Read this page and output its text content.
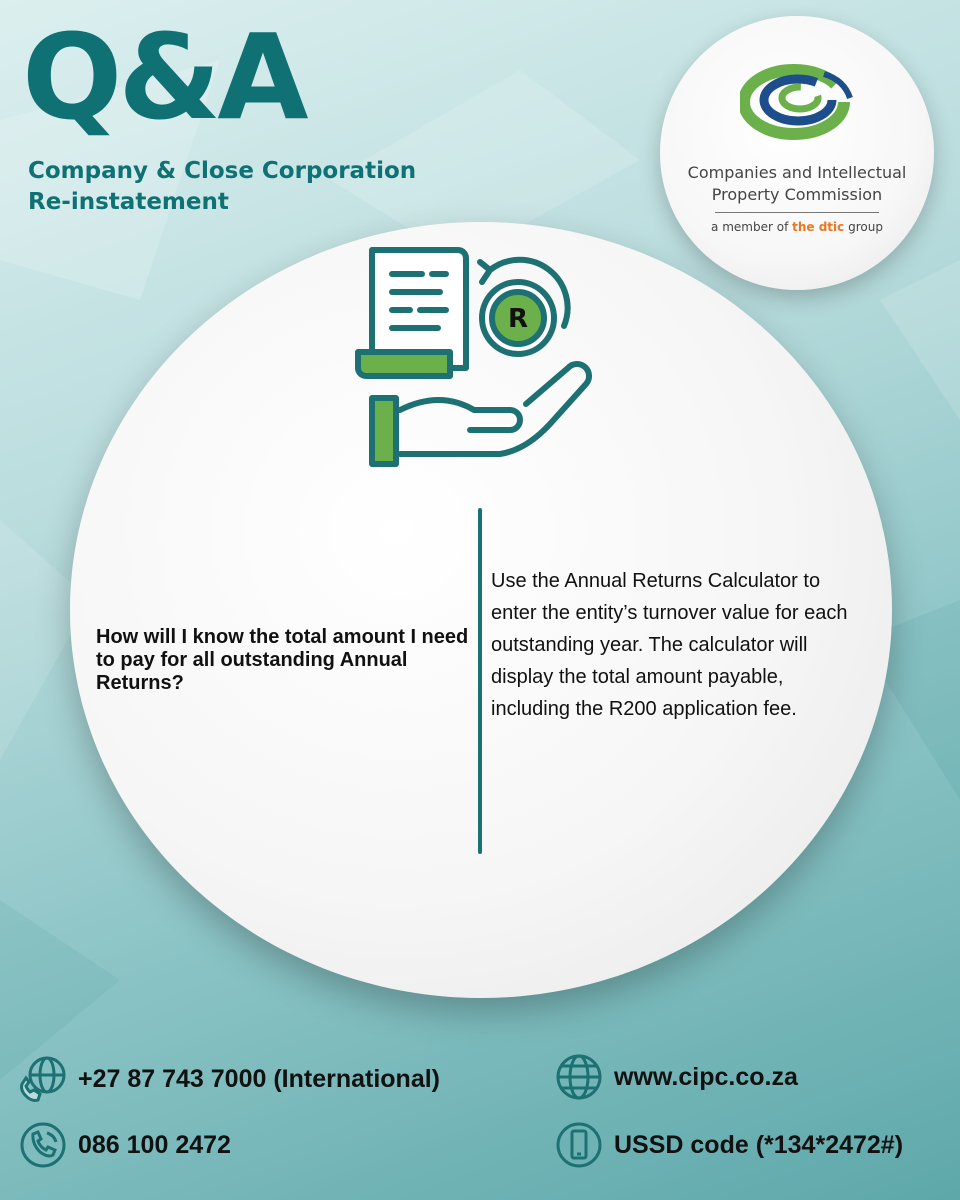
Q&A
Company & Close Corporation
Re-instatement
Companies and Intellectual
Property Commission
a member of the dtic group
R

How will I know the total amount I need to pay for all outstanding Annual Returns?

Use the Annual Returns Calculator to enter the entity’s turnover value for each outstanding year. The calculator will display the total amount payable, including the R200 application fee.

+27 87 743 7000 (International)	www.cipc.co.za
086 100 2472	USSD code (*134*2472#)
